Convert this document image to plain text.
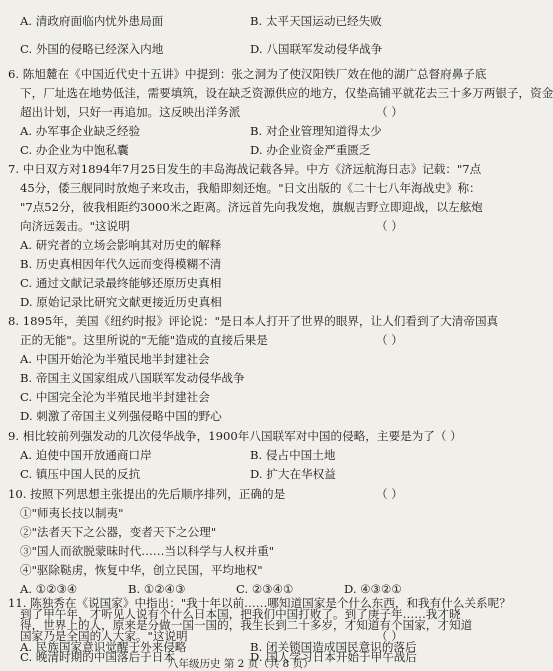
A. 清政府面临内忧外患局面	B. 太平天国运动已经失败
C. 外国的侵略已经深入内地	D. 八国联军发动侵华战争
6. 陈旭麓在《中国近代史十五讲》中提到：张之洞为了使汉阳铁厂效在他的湖广总督府鼻子底
下，厂址选在地势低洼，需要填筑，设在缺乏资源供应的地方，仅垫高铺平就花去三十多万两银子，资金
超出计划，只好一再追加。这反映出洋务派	（ ）
A. 办军事企业缺乏经验	B. 对企业管理知道得太少
C. 办企业为中饱私囊	D. 办企业资金严重匮乏
7. 中日双方对1894年7月25日发生的丰岛海战记载各异。中方《济远航海日志》记载："7点
45分，倭三舰同时放炮子来攻击，我船即刻还炮。"日文出版的《二十七八年海战史》称：
"7点52分，彼我相距约3000米之距离。济远首先向我发炮，旗舰吉野立即迎战，以左舷炮
向济远轰击。"这说明	（ ）
A. 研究者的立场会影响其对历史的解释
B. 历史真相因年代久远而变得模糊不清
C. 通过文献记录最终能够还原历史真相
D. 原始记录比研究文献更接近历史真相
8. 1895年，美国《纽约时报》评论说："是日本人打开了世界的眼界，让人们看到了大清帝国真
正的无能"。这里所说的"无能"造成的直接后果是	（ ）
A. 中国开始沦为半殖民地半封建社会
B. 帝国主义国家组成八国联军发动侵华战争
C. 中国完全沦为半殖民地半封建社会
D. 刺激了帝国主义列强侵略中国的野心
9. 相比较前列强发动的几次侵华战争，1900年八国联军对中国的侵略，主要是为了（ ）
A. 迫使中国开放通商口岸	B. 侵占中国土地
C. 镇压中国人民的反抗	D. 扩大在华权益
10. 按照下列思想主张提出的先后顺序排列，正确的是	（ ）
①"师夷长技以制夷"
②"法者天下之公器，变者天下之公理"
③"国人而欲脱蒙昧时代……当以科学与人权并重"
④"驱除鞑虏，恢复中华，创立民国，平均地权"
A. ①②③④	B. ①②④③	C. ②③④①	D. ④③②①
11. 陈独秀在《说国家》中指出："我十年以前……哪知道国家是个什么东西，和我有什么关系呢？
到了甲午年，才听见人说有个什么日本国，把我们中国打败了。到了庚子年……我才晓
得，世界上的人，原来是分做一国一国的，我生长到二十多岁，才知道有个国家，才知道
国家乃是全国的人大家。"这说明	（ ）
A. 民族国家意识觉醒于外来侵略	B. 闭关锁国造成国民意识的落后
C. 晚清时期的中国落后于日本	D. 国人学习日本开始于甲午战后
八年级历史 第 2 页（共 8 页）
